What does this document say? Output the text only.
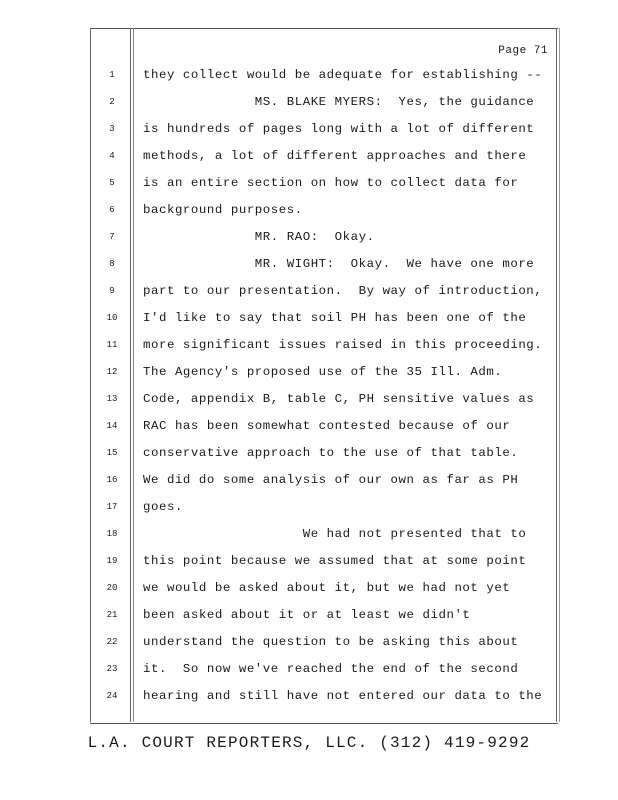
Page 71
1	they collect would be adequate for establishing --
2	MS. BLAKE MYERS:  Yes, the guidance
3	is hundreds of pages long with a lot of different
4	methods, a lot of different approaches and there
5	is an entire section on how to collect data for
6	background purposes.
7	MR. RAO:  Okay.
8	MR. WIGHT:  Okay.  We have one more
9	part to our presentation.  By way of introduction,
10	I'd like to say that soil PH has been one of the
11	more significant issues raised in this proceeding.
12	The Agency's proposed use of the 35 Ill. Adm.
13	Code, appendix B, table C, PH sensitive values as
14	RAC has been somewhat contested because of our
15	conservative approach to the use of that table.
16	We did do some analysis of our own as far as PH
17	goes.
18	We had not presented that to
19	this point because we assumed that at some point
20	we would be asked about it, but we had not yet
21	been asked about it or at least we didn't
22	understand the question to be asking this about
23	it.  So now we've reached the end of the second
24	hearing and still have not entered our data to the
L.A. COURT REPORTERS, LLC. (312) 419-9292
